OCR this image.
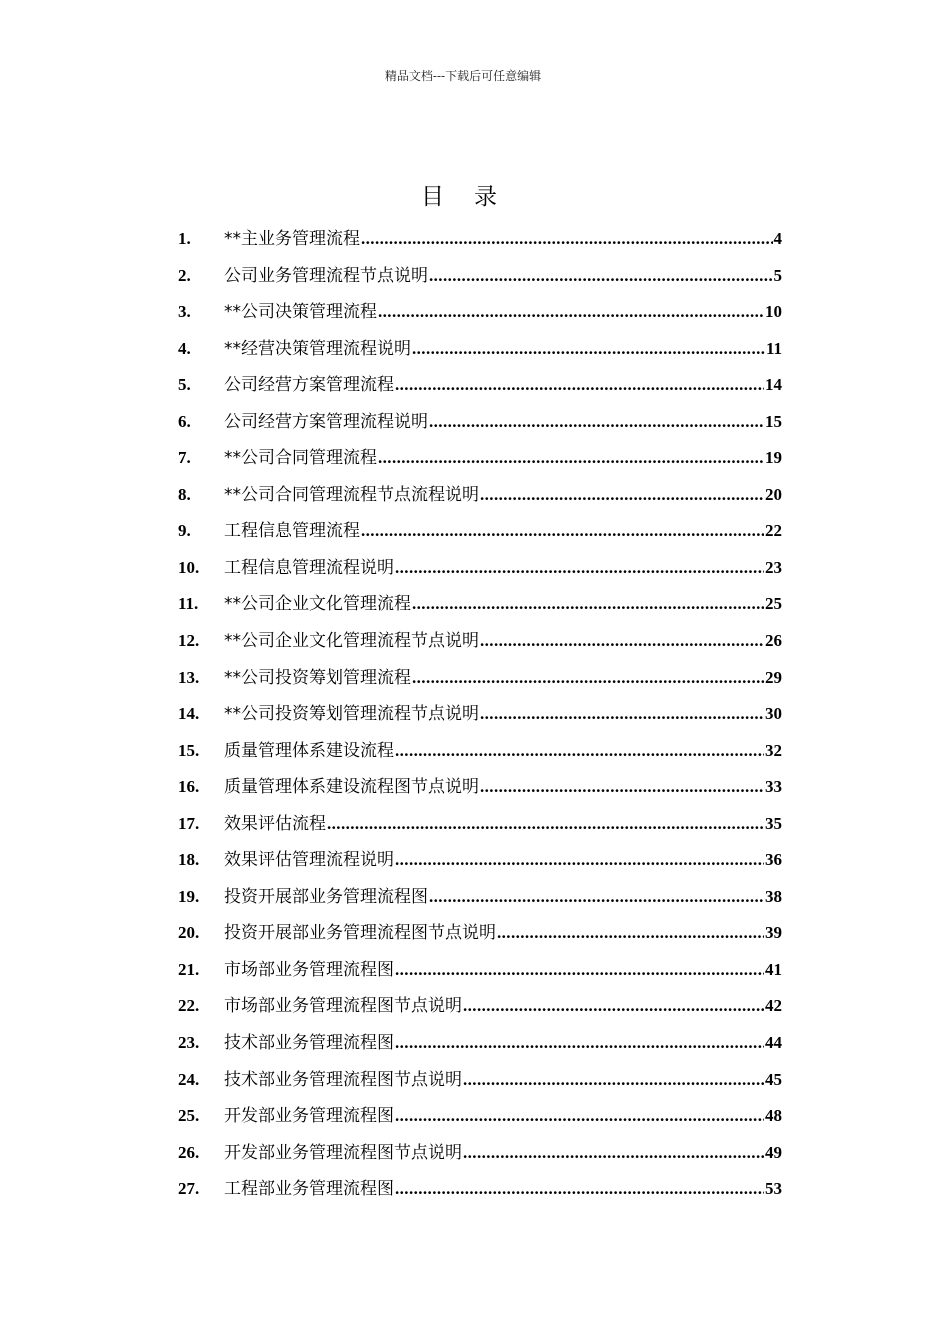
精品文档---下载后可任意编辑
目 录
1.	**主业务管理流程 .....	4
2.	公司业务管理流程节点说明 .....	5
3.	**公司决策管理流程 .....	10
4.	**经营决策管理流程说明 .....	11
5.	公司经营方案管理流程 .....	14
6.	公司经营方案管理流程说明 .....	15
7.	**公司合同管理流程 .....	19
8.	**公司合同管理流程节点流程说明 .....	20
9.	工程信息管理流程 .....	22
10.	工程信息管理流程说明 .....	23
11.	**公司企业文化管理流程 .....	25
12.	**公司企业文化管理流程节点说明 .....	26
13.	**公司投资筹划管理流程 .....	29
14.	**公司投资筹划管理流程节点说明 .....	30
15.	质量管理体系建设流程 .....	32
16.	质量管理体系建设流程图节点说明 .....	33
17.	效果评估流程 .....	35
18.	效果评估管理流程说明 .....	36
19.	投资开展部业务管理流程图 .....	38
20.	投资开展部业务管理流程图节点说明 .....	39
21.	市场部业务管理流程图 .....	41
22.	市场部业务管理流程图节点说明 .....	42
23.	技术部业务管理流程图 .....	44
24.	技术部业务管理流程图节点说明 .....	45
25.	开发部业务管理流程图 .....	48
26.	开发部业务管理流程图节点说明 .....	49
27.	工程部业务管理流程图 .....	53
